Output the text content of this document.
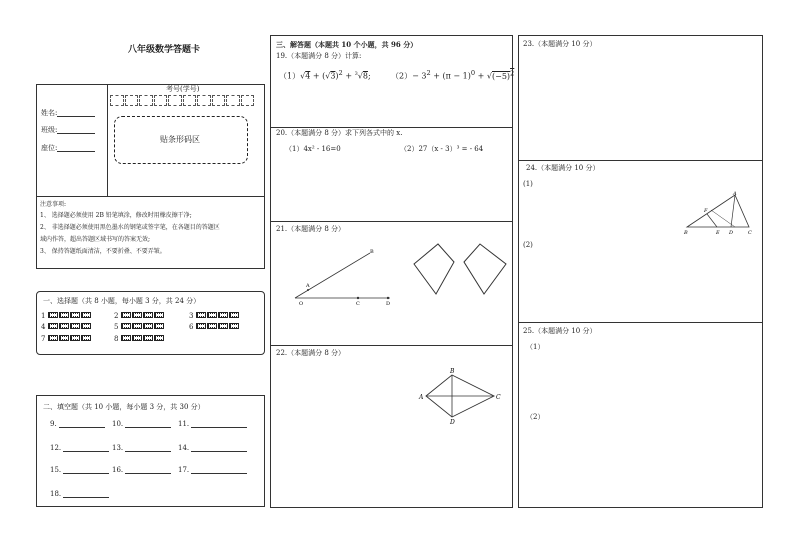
八年级数学答题卡
考号(学号)
姓名:
班级:
座位:
贴条形码区
注意事项:
1、 选择题必须使用 2B 铅笔填涂，修改时用橡皮擦干净;
2、 非选择题必须使用黑色墨水的钢笔或签字笔，在各题目的答题区
域内作答，超出答题区域书写的答案无效;
3、 保持答题纸面清洁，不要折叠、不要弄皱。
一、选择题（共 8 小题，每小题 3 分，共 24 分）
1	2	3
4	5	6
7	8
二、填空题（共 10 小题，每小题 3 分，共 30 分）
9.	10.	11.
12.	13.	14.
15.	16.	17.
18.
三、解答题（本题共 10 个小题，共 96 分）
19.（本题满分 8 分）计算:
$(1)√4 + (√3)^2 + ^3√8$;	$(2)- 3^2 + (\pi - 1)^0 + √(-5)^2$
20.（本题满分 8 分）求下列各式中的 x.
（1）4x² - 16=0	（2）27（x - 3）³ = - 64
21.（本题满分 8 分）
O
A
B
C	D
22.（本题满分 8 分）
A
B
C
D
23.（本题满分 10 分）
24.（本题满分 10 分）
(1)
(2)
B
A
C
D
E
F
25.（本题满分 10 分）
（1）
（2）
